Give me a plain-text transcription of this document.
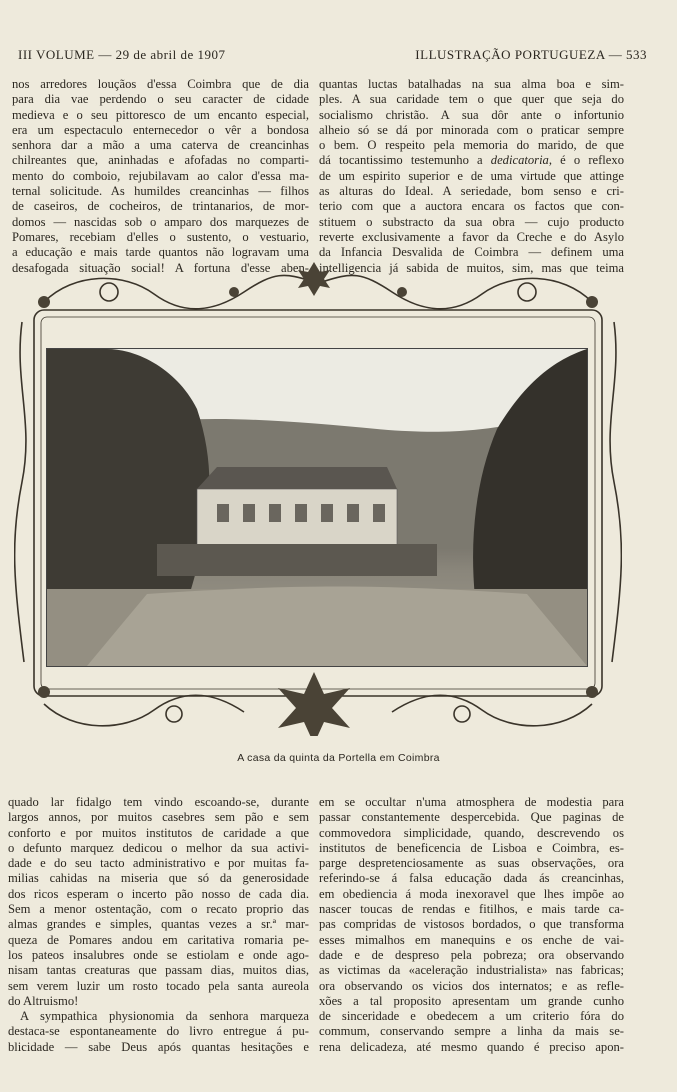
III VOLUME — 29 de abril de 1907	ILLUSTRAÇÃO PORTUGUEZA — 533
nos arredores louçãos d'essa Coimbra que de dia
para dia vae perdendo o seu caracter de cidade
medieva e o seu pittoresco de um encanto especial,
era um espectaculo enternecedor o vêr a bondosa
senhora dar a mão a uma caterva de creancinhas
chilreantes que, aninhadas e afofadas no comparti-
mento do comboio, rejubilavam ao calor d'essa ma-
ternal solicitude. As humildes creancinhas — filhos
de caseiros, de cocheiros, de trintanarios, de mor-
domos — nascidas sob o amparo dos marquezes de
Pomares, recebiam d'elles o sustento, o vestuario,
a educação e mais tarde quantos não logravam uma
desafogada situação social! A fortuna d'esse aben-
quantas luctas batalhadas na sua alma boa e sim-
ples. A sua caridade tem o que quer que seja do
socialismo christão. A sua dôr ante o infortunio
alheio só se dá por minorada com o praticar sempre
o bem. O respeito pela memoria do marido, de que
dá tocantissimo testemunho a dedicatoria, é o reflexo
de um espirito superior e de uma virtude que attinge
as alturas do Ideal. A seriedade, bom senso e cri-
terio com que a auctora encara os factos que con-
stituem o substracto da sua obra — cujo producto
reverte exclusivamente a favor da Creche e do Asylo
da Infancia Desvalida de Coimbra — definem uma
intelligencia já sabida de muitos, sim, mas que teima
A casa da quinta da Portella em Coimbra
quado lar fidalgo tem vindo escoando-se, durante
largos annos, por muitos casebres sem pão e sem
conforto e por muitos institutos de caridade a que
o defunto marquez dedicou o melhor da sua activi-
dade e do seu tacto administrativo e por muitas fa-
milias cahidas na miseria que só da generosidade
dos ricos esperam o incerto pão nosso de cada dia.
Sem a menor ostentação, com o recato proprio das
almas grandes e simples, quantas vezes a sr.ª mar-
queza de Pomares andou em caritativa romaria pe-
los pateos insalubres onde se estiolam e onde ago-
nisam tantas creaturas que passam dias, muitos dias,
sem verem luzir um rosto tocado pela santa aureola
do Altruismo!
A sympathica physionomia da senhora marqueza
destaca-se espontaneamente do livro entregue á pu-
blicidade — sabe Deus após quantas hesitações e
em se occultar n'uma atmosphera de modestia para
passar constantemente despercebida. Que paginas de
commovedora simplicidade, quando, descrevendo os
institutos de beneficencia de Lisboa e Coimbra, es-
parge despretenciosamente as suas observações, ora
referindo-se á falsa educação dada ás creancinhas,
em obediencia á moda inexoravel que lhes impõe ao
nascer toucas de rendas e fitilhos, e mais tarde ca-
pas compridas de vistosos bordados, o que transforma
esses mimalhos em manequins e os enche de vai-
dade e de despreso pela pobreza; ora observando
as victimas da «aceleração industrialista» nas fabricas;
ora observando os vicios dos internatos; e as refle-
xões a tal proposito apresentam um grande cunho
de sinceridade e obedecem a um criterio fóra do
commum, conservando sempre a linha da mais se-
rena delicadeza, até mesmo quando é preciso apon-
